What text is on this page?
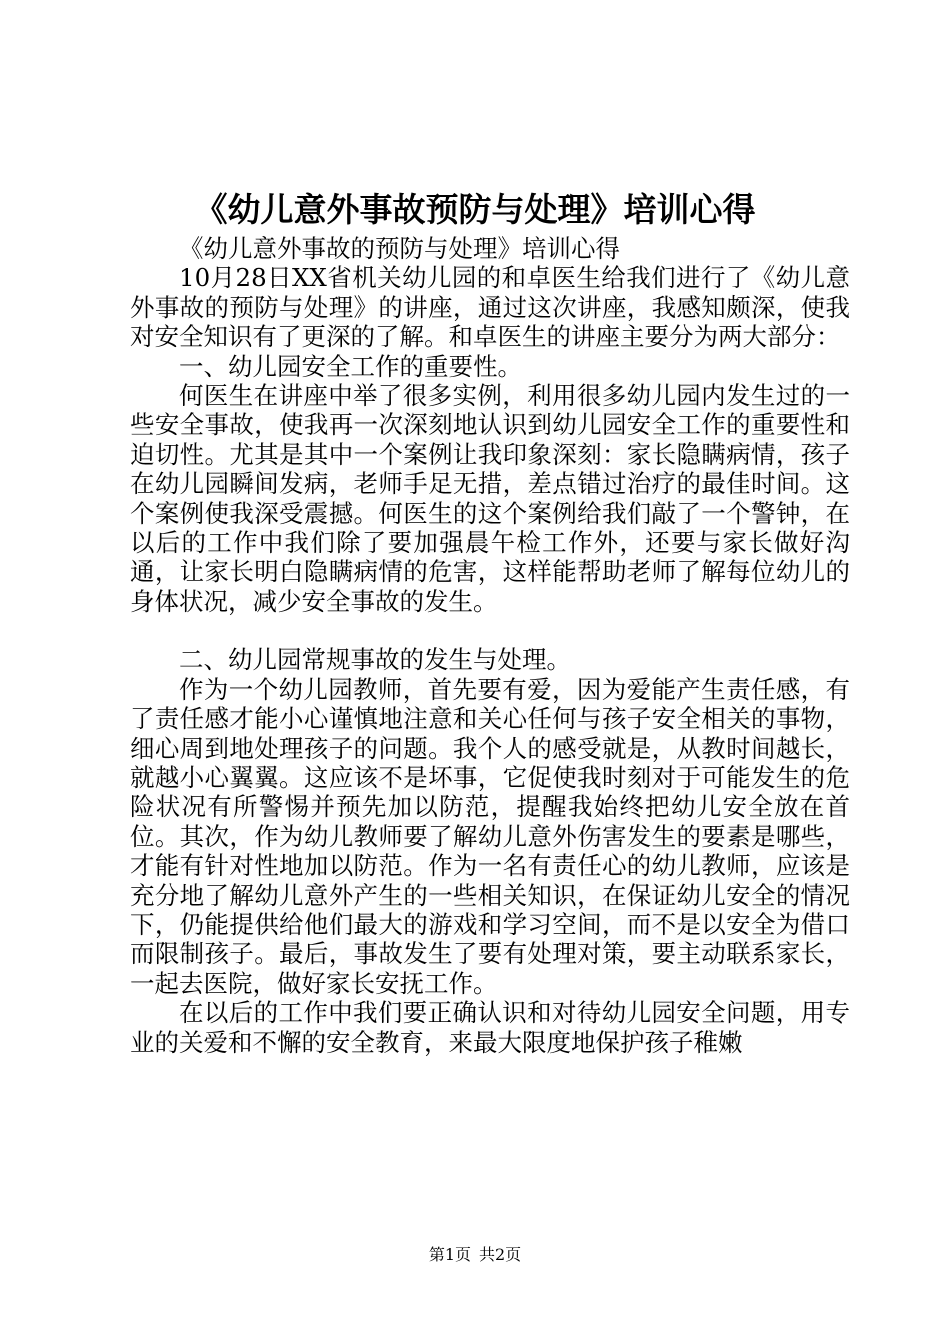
《幼儿意外事故预防与处理》培训心得

《幼儿意外事故的预防与处理》培训心得

10月28日XX省机关幼儿园的和卓医生给我们进行了《幼儿意外事故的预防与处理》的讲座，通过这次讲座，我感知颇深，使我对安全知识有了更深的了解。和卓医生的讲座主要分为两大部分：

一、幼儿园安全工作的重要性。

何医生在讲座中举了很多实例，利用很多幼儿园内发生过的一些安全事故，使我再一次深刻地认识到幼儿园安全工作的重要性和迫切性。尤其是其中一个案例让我印象深刻：家长隐瞒病情，孩子在幼儿园瞬间发病，老师手足无措，差点错过治疗的最佳时间。这个案例使我深受震撼。何医生的这个案例给我们敲了一个警钟，在以后的工作中我们除了要加强晨午检工作外，还要与家长做好沟通，让家长明白隐瞒病情的危害，这样能帮助老师了解每位幼儿的身体状况，减少安全事故的发生。

二、幼儿园常规事故的发生与处理。

作为一个幼儿园教师，首先要有爱，因为爱能产生责任感，有了责任感才能小心谨慎地注意和关心任何与孩子安全相关的事物，细心周到地处理孩子的问题。我个人的感受就是，从教时间越长，就越小心翼翼。这应该不是坏事，它促使我时刻对于可能发生的危险状况有所警惕并预先加以防范，提醒我始终把幼儿安全放在首位。其次，作为幼儿教师要了解幼儿意外伤害发生的要素是哪些，才能有针对性地加以防范。作为一名有责任心的幼儿教师，应该是充分地了解幼儿意外产生的一些相关知识，在保证幼儿安全的情况下，仍能提供给他们最大的游戏和学习空间，而不是以安全为借口而限制孩子。最后，事故发生了要有处理对策，要主动联系家长，一起去医院，做好家长安抚工作。

在以后的工作中我们要正确认识和对待幼儿园安全问题，用专业的关爱和不懈的安全教育，来最大限度地保护孩子稚嫩

第1页 共2页
